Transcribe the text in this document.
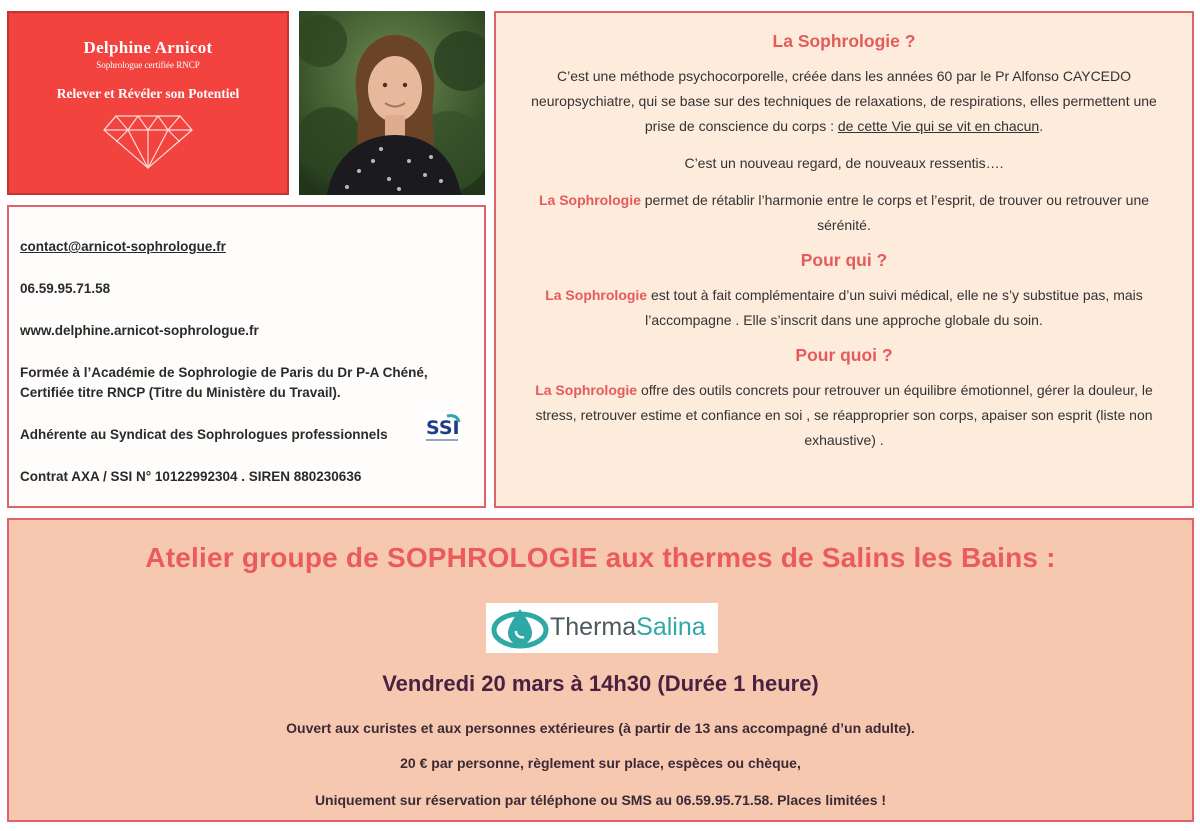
Delphine Arnicot
Sophrologue certifiée RNCP
Relever et Révéler son Potentiel

contact@arnicot-sophrologue.fr

06.59.95.71.58

www.delphine.arnicot-sophrologue.fr

Formée à l’Académie de Sophrologie de Paris du Dr P-A Chéné,
Certifiée titre RNCP (Titre du Ministère du Travail).

Adhérente au Syndicat des Sophrologues professionnels

Contrat AXA / SSI N° 10122992304 . SIREN 880230636

SSI
La Sophrologie ?

C’est une méthode psychocorporelle, créée dans les années 60 par le Pr Alfonso CAYCEDO neuropsychiatre, qui se base sur des techniques de relaxations, de respirations, elles permettent une prise de conscience du corps : de cette Vie qui se vit en chacun.

C’est un nouveau regard, de nouveaux ressentis….

La Sophrologie permet de rétablir l’harmonie entre le corps et l’esprit, de trouver ou retrouver une sérénité.

Pour qui ?

La Sophrologie est tout à fait complémentaire d’un suivi médical, elle ne s’y substitue pas, mais l’accompagne . Elle s’inscrit dans une approche globale du soin.

Pour quoi ?

La Sophrologie offre des outils concrets pour retrouver un équilibre émotionnel, gérer la douleur, le stress, retrouver estime et confiance en soi , se réapproprier son corps, apaiser son esprit (liste non exhaustive) .

Atelier groupe de SOPHROLOGIE aux thermes de Salins les Bains :
ThermaSalina
Vendredi 20 mars à 14h30 (Durée 1 heure)
Ouvert aux curistes et aux personnes extérieures (à partir de 13 ans accompagné d’un adulte).
20 € par personne, règlement sur place, espèces ou chèque,
Uniquement sur réservation par téléphone ou SMS au 06.59.95.71.58. Places limitées !
